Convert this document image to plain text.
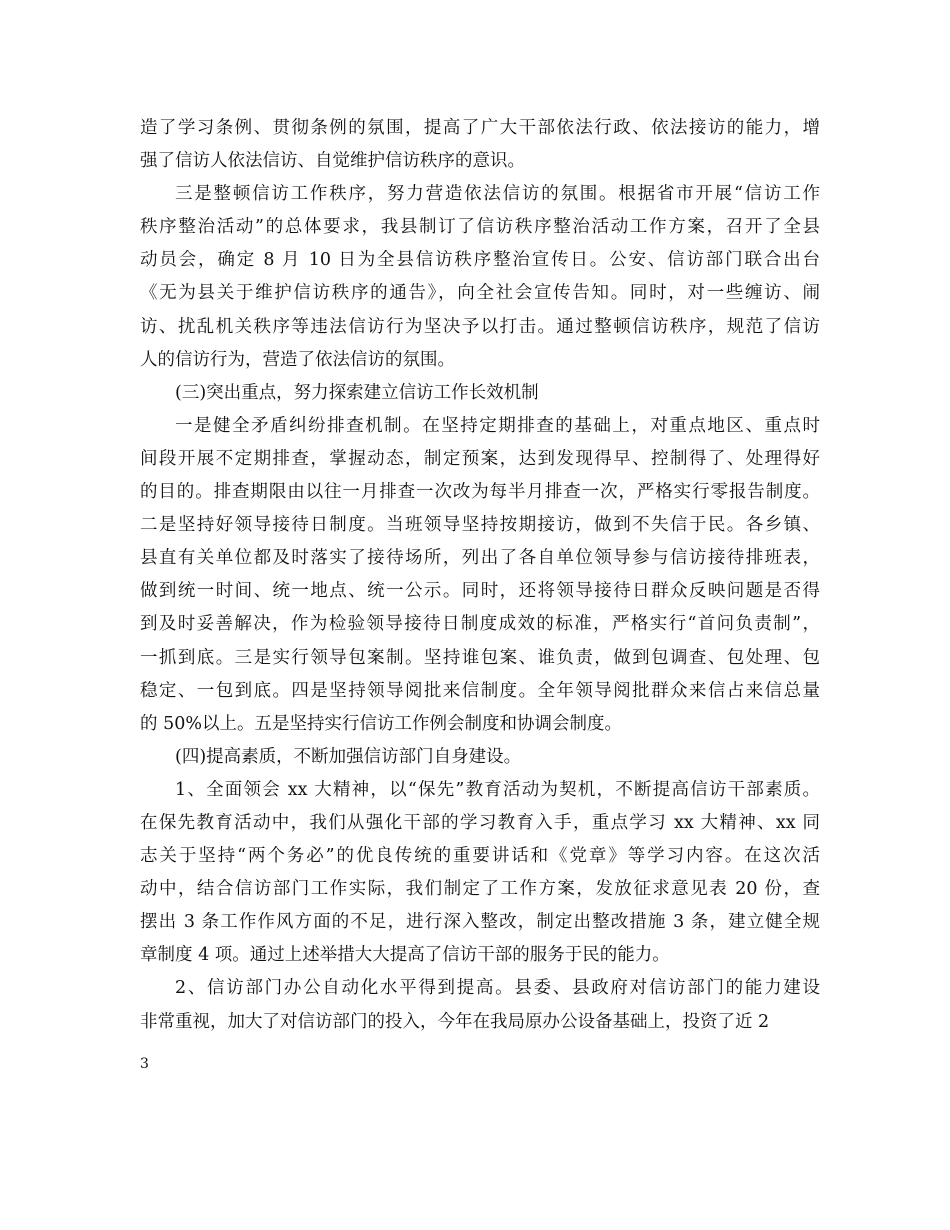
造了学习条例、贯彻条例的氛围，提高了广大干部依法行政、依法接访的能力，增
强了信访人依法信访、自觉维护信访秩序的意识。
三是整顿信访工作秩序，努力营造依法信访的氛围。根据省市开展“信访工作
秩序整治活动”的总体要求，我县制订了信访秩序整治活动工作方案，召开了全县
动员会，确定 8 月 10 日为全县信访秩序整治宣传日。公安、信访部门联合出台
《无为县关于维护信访秩序的通告》，向全社会宣传告知。同时，对一些缠访、闹
访、扰乱机关秩序等违法信访行为坚决予以打击。通过整顿信访秩序，规范了信访
人的信访行为，营造了依法信访的氛围。
(三)突出重点，努力探索建立信访工作长效机制
一是健全矛盾纠纷排查机制。在坚持定期排查的基础上，对重点地区、重点时
间段开展不定期排查，掌握动态，制定预案，达到发现得早、控制得了、处理得好
的目的。排查期限由以往一月排查一次改为每半月排查一次，严格实行零报告制度。
二是坚持好领导接待日制度。当班领导坚持按期接访，做到不失信于民。各乡镇、
县直有关单位都及时落实了接待场所，列出了各自单位领导参与信访接待排班表，
做到统一时间、统一地点、统一公示。同时，还将领导接待日群众反映问题是否得
到及时妥善解决，作为检验领导接待日制度成效的标准，严格实行“首问负责制”，
一抓到底。三是实行领导包案制。坚持谁包案、谁负责，做到包调查、包处理、包
稳定、一包到底。四是坚持领导阅批来信制度。全年领导阅批群众来信占来信总量
的 50%以上。五是坚持实行信访工作例会制度和协调会制度。
(四)提高素质，不断加强信访部门自身建设。
1、全面领会 xx 大精神，以“保先”教育活动为契机，不断提高信访干部素质。
在保先教育活动中，我们从强化干部的学习教育入手，重点学习 xx 大精神、xx 同
志关于坚持“两个务必”的优良传统的重要讲话和《党章》等学习内容。在这次活
动中，结合信访部门工作实际，我们制定了工作方案，发放征求意见表 20 份，查
摆出 3 条工作作风方面的不足，进行深入整改，制定出整改措施 3 条，建立健全规
章制度 4 项。通过上述举措大大提高了信访干部的服务于民的能力。
2、信访部门办公自动化水平得到提高。县委、县政府对信访部门的能力建设
非常重视，加大了对信访部门的投入，今年在我局原办公设备基础上，投资了近 2
3
